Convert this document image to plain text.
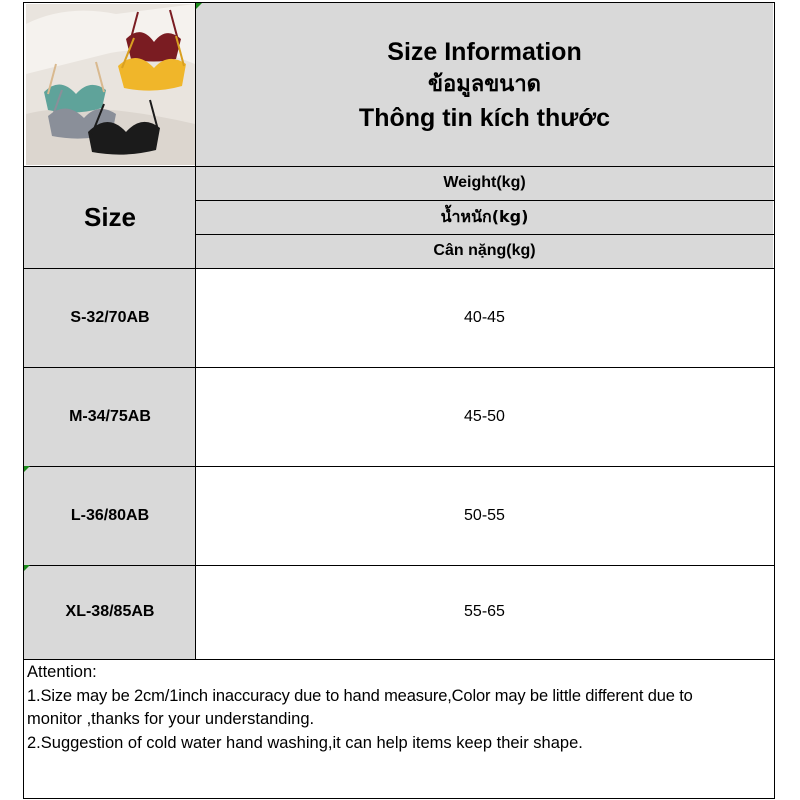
Size Information
ข้อมูลขนาด
Thông tin kích thước
Size
Weight(kg)
น้ำหนัก(kg)
Cân nặng(kg)
S-32/70AB	40-45
M-34/75AB	45-50
L-36/80AB	50-55
XL-38/85AB	55-65
Attention:
1.Size may be 2cm/1inch inaccuracy due to hand measure,Color may be little different due to
monitor ,thanks for your understanding.
2.Suggestion of cold water hand washing,it can help items keep their shape.
